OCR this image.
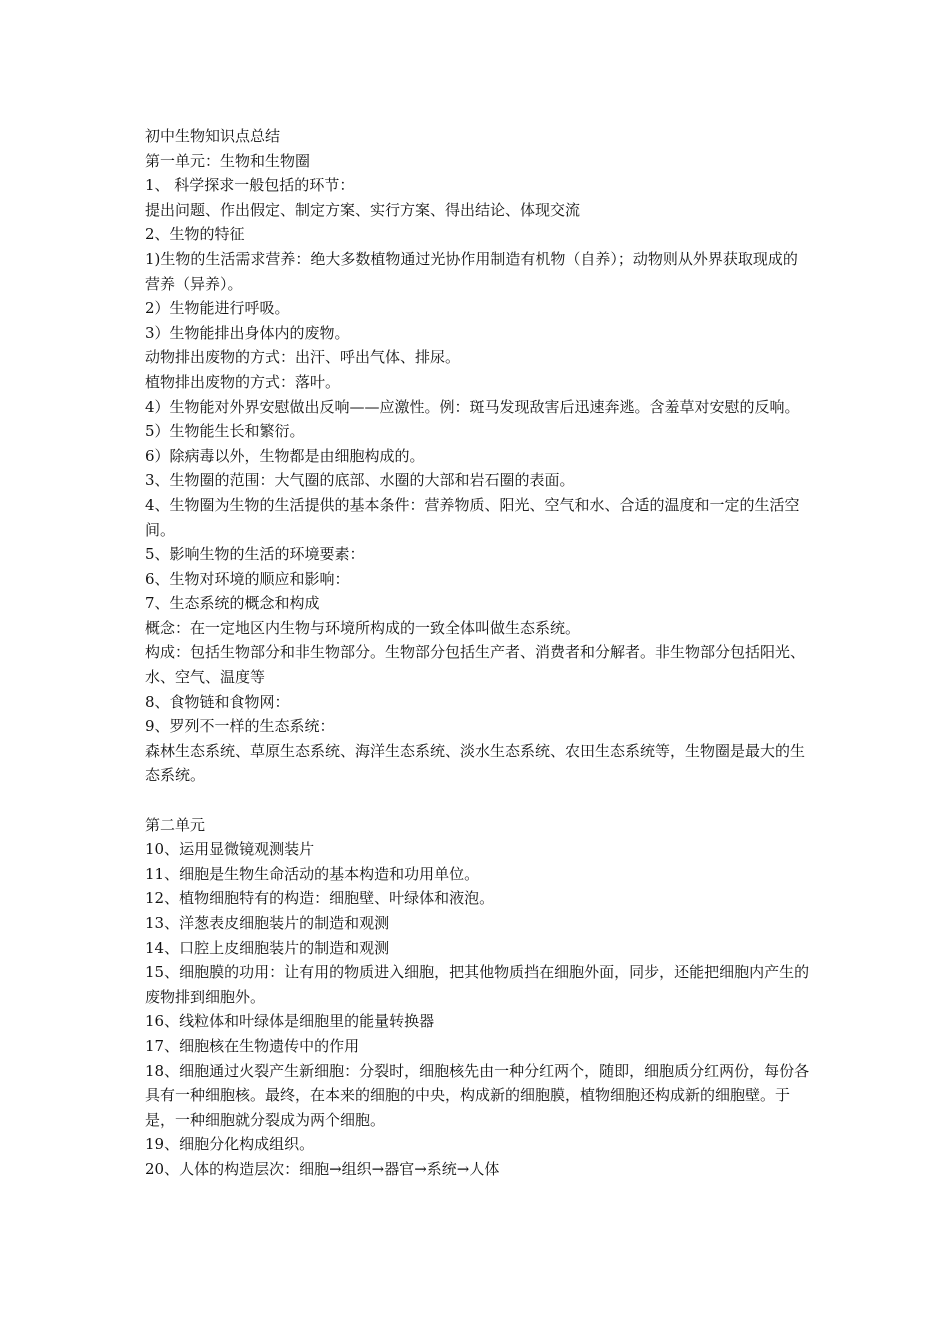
初中生物知识点总结

第一单元：生物和生物圈

1、 科学探求一般包括的环节：

提出问题、作出假定、制定方案、实行方案、得出结论、体现交流

2、生物的特征

1)生物的生活需求营养：绝大多数植物通过光协作用制造有机物（自养）；动物则从外界获取现成的营养（异养）。

2）生物能进行呼吸。

3）生物能排出身体内的废物。

动物排出废物的方式：出汗、呼出气体、排尿。

植物排出废物的方式：落叶。

4）生物能对外界安慰做出反响——应激性。例：斑马发现敌害后迅速奔逃。含羞草对安慰的反响。

5）生物能生长和繁衍。

6）除病毒以外，生物都是由细胞构成的。

3、生物圈的范围：大气圈的底部、水圈的大部和岩石圈的表面。

4、生物圈为生物的生活提供的基本条件：营养物质、阳光、空气和水、合适的温度和一定的生活空间。

5、影响生物的生活的环境要素：

6、生物对环境的顺应和影响：

7、生态系统的概念和构成

概念：在一定地区内生物与环境所构成的一致全体叫做生态系统。

构成：包括生物部分和非生物部分。生物部分包括生产者、消费者和分解者。非生物部分包括阳光、水、空气、温度等

8、食物链和食物网：

9、罗列不一样的生态系统：

森林生态系统、草原生态系统、海洋生态系统、淡水生态系统、农田生态系统等，生物圈是最大的生态系统。

第二单元

10、运用显微镜观测装片

11、细胞是生物生命活动的基本构造和功用单位。

12、植物细胞特有的构造：细胞壁、叶绿体和液泡。

13、洋葱表皮细胞装片的制造和观测

14、口腔上皮细胞装片的制造和观测

15、细胞膜的功用：让有用的物质进入细胞，把其他物质挡在细胞外面，同步，还能把细胞内产生的废物排到细胞外。

16、线粒体和叶绿体是细胞里的能量转换器

17、细胞核在生物遗传中的作用

18、细胞通过火裂产生新细胞：分裂时，细胞核先由一种分红两个，随即，细胞质分红两份，每份各具有一种细胞核。最终，在本来的细胞的中央，构成新的细胞膜，植物细胞还构成新的细胞壁。于是，一种细胞就分裂成为两个细胞。

19、细胞分化构成组织。

20、人体的构造层次：细胞→组织→器官→系统→人体
